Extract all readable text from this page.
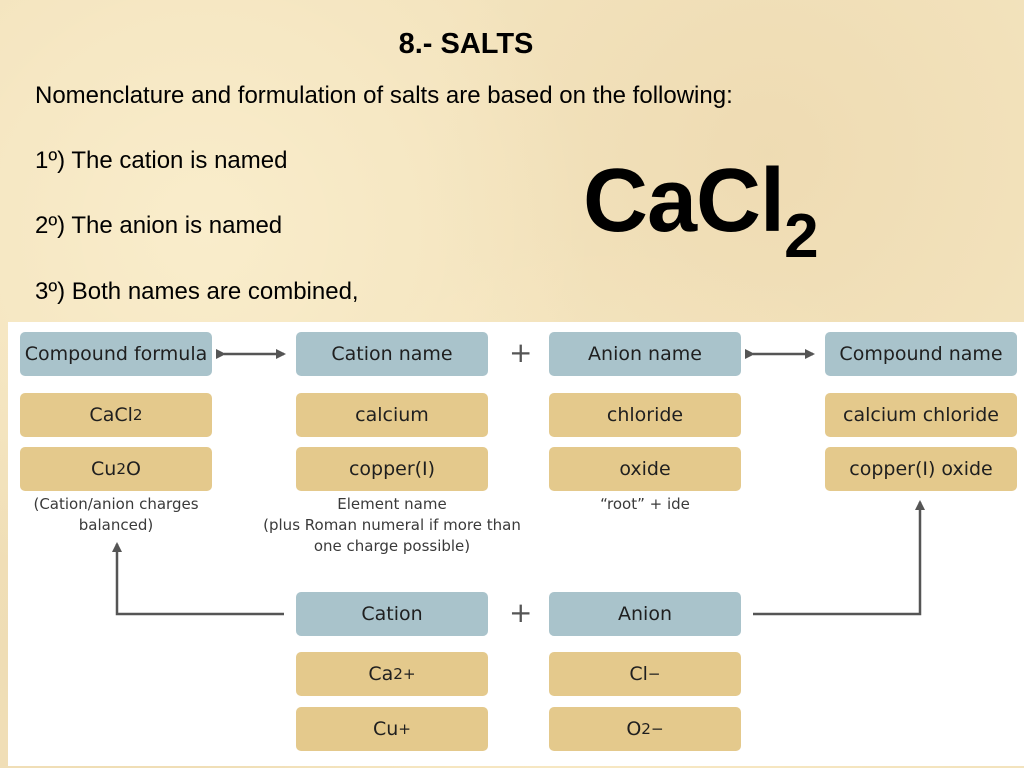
8.- SALTS
Nomenclature and formulation of salts are based on the following:
1º) The cation is named
2º) The anion is named
3º) Both names are combined,
CaCl$_2$
Compound formula	Cation name +	Anion name	Compound name
CaCl 2	calcium	chloride	calcium chloride
Cu 2 O	copper(I)	oxide	copper(I) oxide
(Cation/anion charges
balanced)
Element name
(plus Roman numeral if more than
one charge possible)
“root” + ide
Cation	+	Anion
Ca 2+	Cl −
Cu +	O 2−
